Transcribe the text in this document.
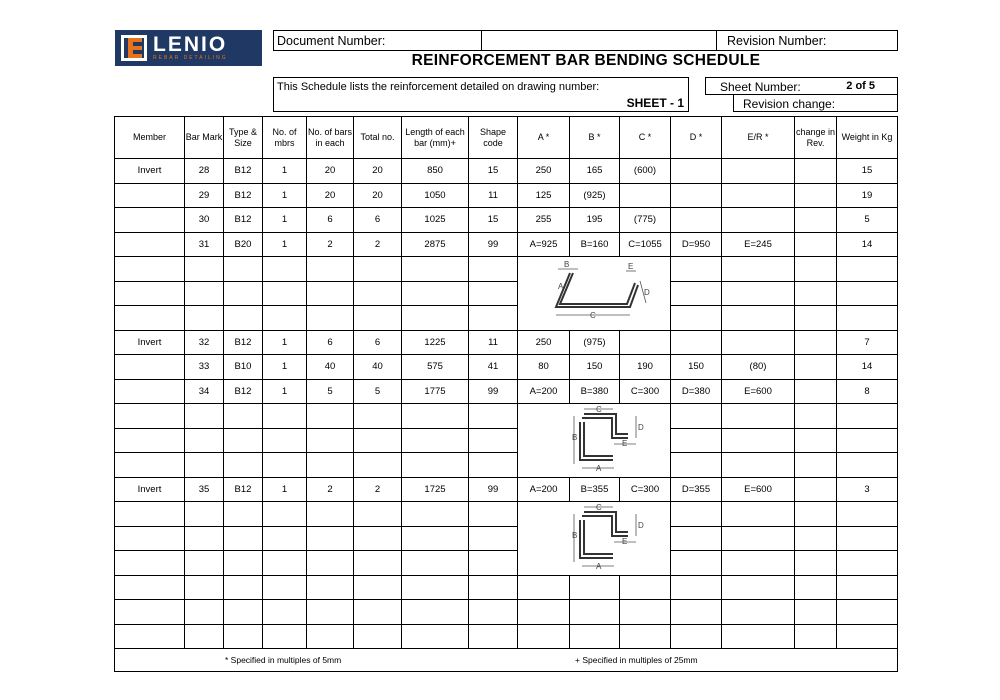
LENIO
REBAR DETAILING
Document Number:	Revision Number:
REINFORCEMENT BAR BENDING SCHEDULE
This Schedule lists the reinforcement detailed on drawing number:
SHEET - 1
Sheet Number:	2 of 5
Revision change:
Member	Bar Mark	Type & Size	No. of mbrs	No. of bars in each	Total no.	Length of each bar (mm)+	Shape code	A *	B *	C *	D *	E/R *	change in Rev.	Weight in Kg
Invert	28	B12	1	20	20	850	15	250	165	(600)				15
	29	B12	1	20	20	1050	11	125	(925)					19
	30	B12	1	6	6	1025	15	255	195	(775)				5
	31	B20	1	2	2	2875	99	A=925	B=160	C=1055	D=950	E=245		14

B E
D
A
C						

Invert	32	B12	1	6	6	1225	11	250	(975)					7
	33	B10	1	40	40	575	41	80	150	190	150	(80)		14
	34	B12	1	5	5	1775	99	A=200	B=380	C=300	D=380	E=600		8

C
B
D
E
A						

Invert	35	B12	1	2	2	1725	99	A=200	B=355	C=300	D=355	E=600		3

C
B
D
E
A						

* Specified in multiples of 5mm	+ Specified in multiples of 25mm
